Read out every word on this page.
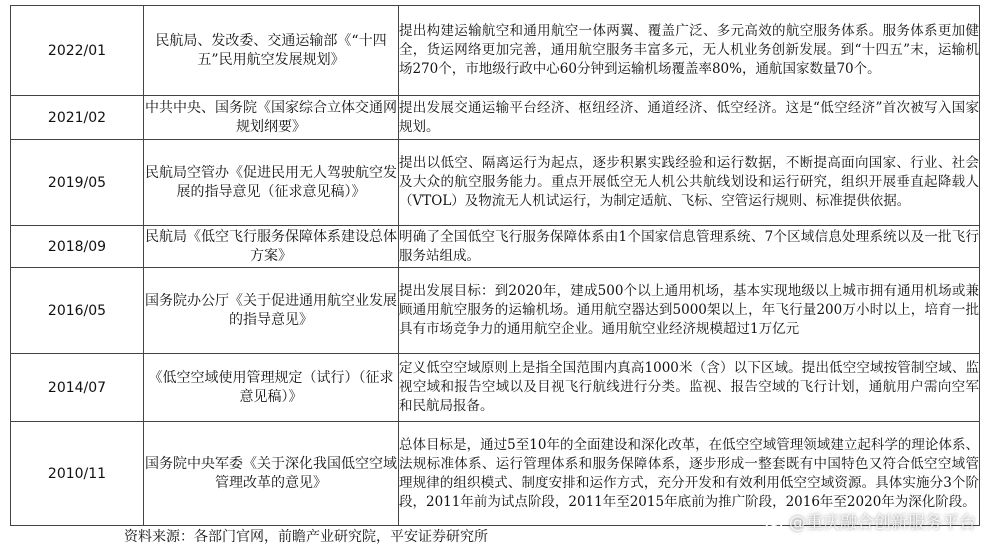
2022/01	民航局、发改委、交通运输部《“十四五”民用航空发展规划》	提出构建运输航空和通用航空一体两翼、覆盖广泛、多元高效的航空服务体系。服务体系更加健全，货运网络更加完善，通用航空服务丰富多元，无人机业务创新发展。到“十四五”末，运输机场270个，市地级行政中心60分钟到运输机场覆盖率80%，通航国家数量70个。

2021/02	中共中央、国务院《国家综合立体交通网规划纲要》	提出发展交通运输平台经济、枢纽经济、通道经济、低空经济。这是“低空经济”首次被写入国家规划。

2019/05	民航局空管办《促进民用无人驾驶航空发展的指导意见（征求意见稿）》	提出以低空、隔离运行为起点，逐步积累实践经验和运行数据，不断提高面向国家、行业、社会及大众的航空服务能力。重点开展低空无人机公共航线划设和运行研究，组织开展垂直起降载人（VTOL）及物流无人机试运行，为制定适航、飞标、空管运行规则、标准提供依据。

2018/09	民航局《低空飞行服务保障体系建设总体方案》	明确了全国低空飞行服务保障体系由1个国家信息管理系统、7个区域信息处理系统以及一批飞行服务站组成。

2016/05	国务院办公厅《关于促进通用航空业发展的指导意见》	提出发展目标：到2020年，建成500个以上通用机场，基本实现地级以上城市拥有通用机场或兼顾通用航空服务的运输机场。通用航空器达到5000架以上，年飞行量200万小时以上，培育一批具有市场竞争力的通用航空企业。通用航空业经济规模超过1万亿元

2014/07	《低空空域使用管理规定（试行）（征求意见稿）》	定义低空空域原则上是指全国范围内真高1000米（含）以下区域。提出低空空域按管制空域、监视空域和报告空域以及目视飞行航线进行分类。监视、报告空域的飞行计划，通航用户需向空军和民航局报备。

2010/11	国务院中央军委《关于深化我国低空空域管理改革的意见》	总体目标是，通过5至10年的全面建设和深化改革，在低空空域管理领域建立起科学的理论体系、法规标准体系、运行管理体系和服务保障体系，逐步形成一整套既有中国特色又符合低空空域管理规律的组织模式、制度安排和运作方式，充分开发和有效利用低空空域资源。具体实施分3个阶段，2011年前为试点阶段，2011年至2015年底前为推广阶段，2016年至2020年为深化阶段。
资料来源：各部门官网，前瞻产业研究院，平安证券研究所
@重庆融合创新服务平台
